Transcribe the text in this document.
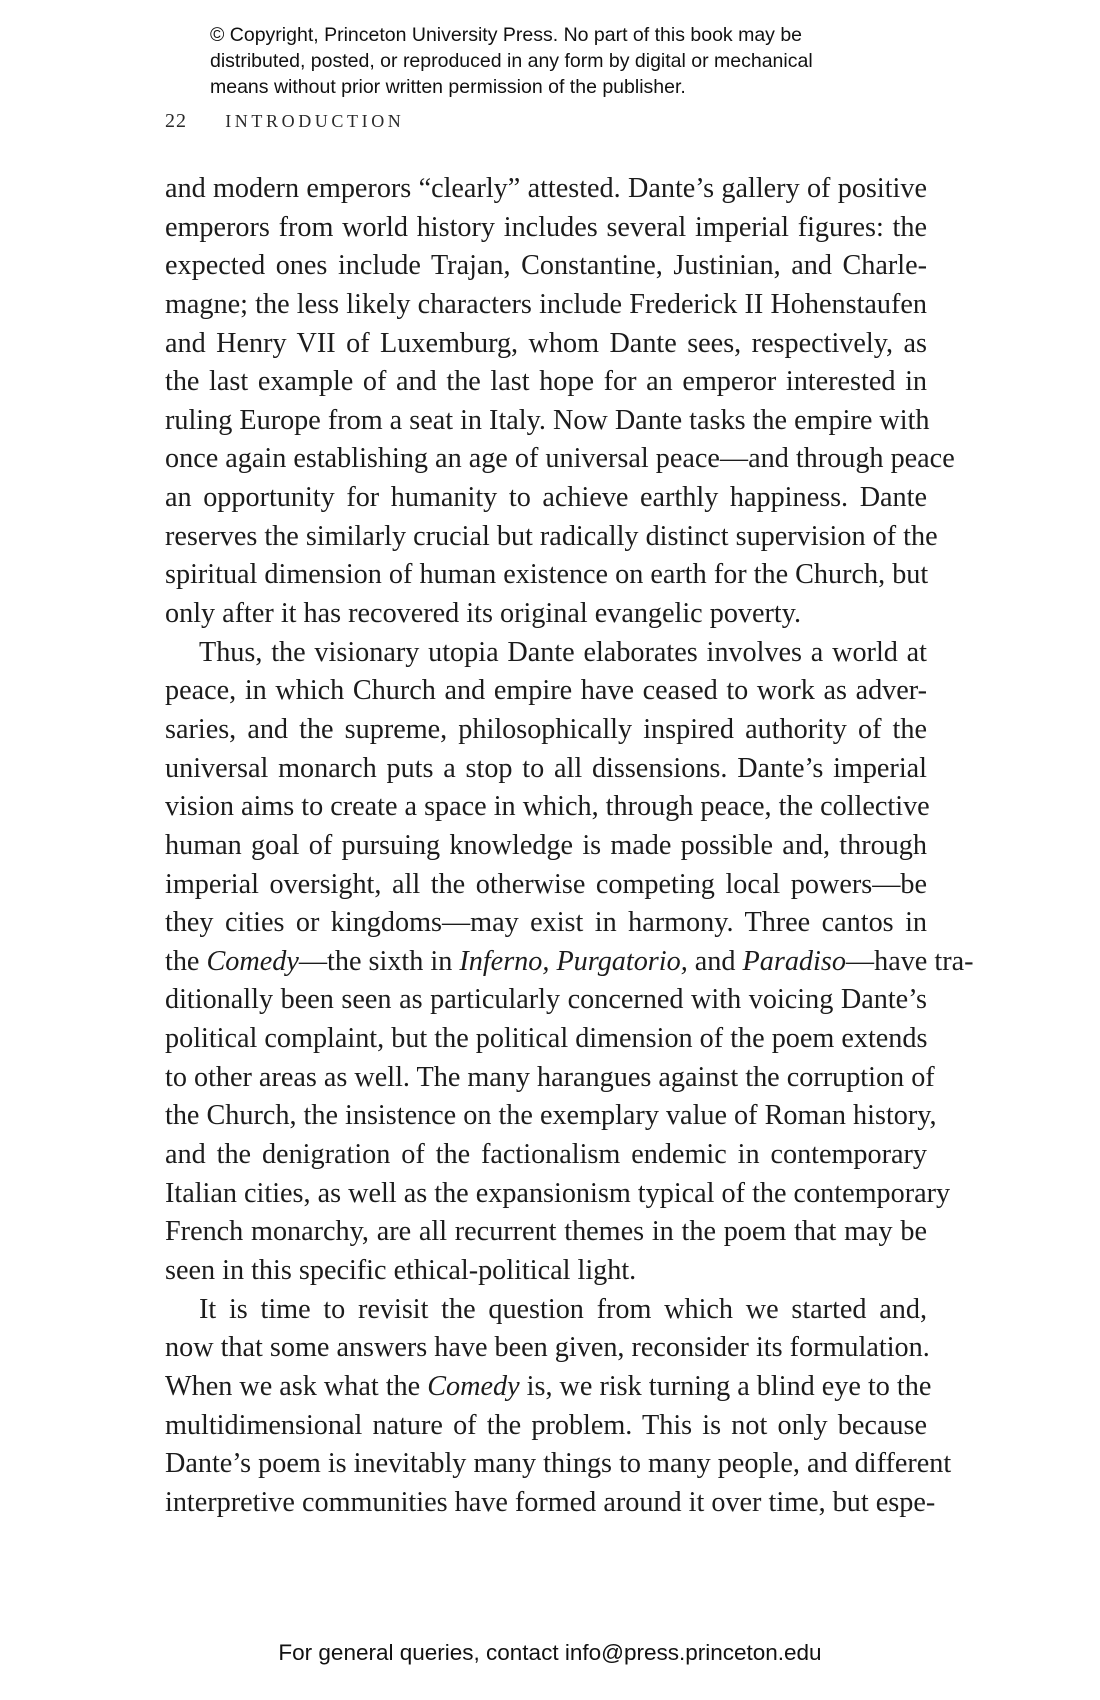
© Copyright, Princeton University Press. No part of this book may be
distributed, posted, or reproduced in any form by digital or mechanical
means without prior written permission of the publisher.
22 INTRODUCTION
and modern emperors “clearly” attested. Dante’s gallery of positive
emperors from world history includes several imperial figures: the
expected ones include Trajan, Constantine, Justinian, and Charle-
magne; the less likely characters include Frederick II Hohenstaufen
and Henry VII of Luxemburg, whom Dante sees, respectively, as
the last example of and the last hope for an emperor interested in
ruling Europe from a seat in Italy. Now Dante tasks the empire with
once again establishing an age of universal peace—and through peace
an opportunity for humanity to achieve earthly happiness. Dante
reserves the similarly crucial but radically distinct supervision of the
spiritual dimension of human existence on earth for the Church, but
only after it has recovered its original evangelic poverty.
Thus, the visionary utopia Dante elaborates involves a world at
peace, in which Church and empire have ceased to work as adver-
saries, and the supreme, philosophically inspired authority of the
universal monarch puts a stop to all dissensions. Dante’s imperial
vision aims to create a space in which, through peace, the collective
human goal of pursuing knowledge is made possible and, through
imperial oversight, all the otherwise competing local powers—be
they cities or kingdoms—may exist in harmony. Three cantos in
the Comedy—the sixth in Inferno, Purgatorio, and Paradiso—have tra-
ditionally been seen as particularly concerned with voicing Dante’s
political complaint, but the political dimension of the poem extends
to other areas as well. The many harangues against the corruption of
the Church, the insistence on the exemplary value of Roman history,
and the denigration of the factionalism endemic in contemporary
Italian cities, as well as the expansionism typical of the contemporary
French monarchy, are all recurrent themes in the poem that may be
seen in this specific ethical-political light.
It is time to revisit the question from which we started and,
now that some answers have been given, reconsider its formulation.
When we ask what the Comedy is, we risk turning a blind eye to the
multidimensional nature of the problem. This is not only because
Dante’s poem is inevitably many things to many people, and different
interpretive communities have formed around it over time, but espe-
For general queries, contact info@press.princeton.edu
